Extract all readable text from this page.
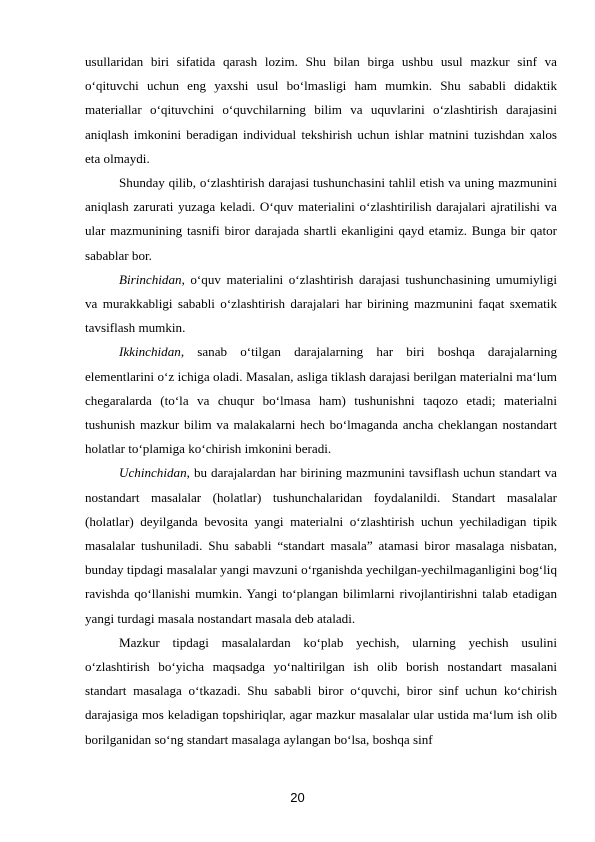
usullaridan biri sifatida qarash lozim. Shu bilan birga ushbu usul mazkur sinf va o‘qituvchi uchun eng yaxshi usul bo‘lmasligi ham mumkin. Shu sababli didaktik materiallar o‘qituvchini o‘quvchilarning bilim va uquvlarini o‘zlashtirish darajasini aniqlash imkonini beradigan individual tekshirish uchun ishlar matnini tuzishdan xalos eta olmaydi.

Shunday qilib, o‘zlashtirish darajasi tushunchasini tahlil etish va uning mazmunini aniqlash zarurati yuzaga keladi. O‘quv materialini o‘zlashtirilish darajalari ajratilishi va ular mazmunining tasnifi biror darajada shartli ekanligini qayd etamiz. Bunga bir qator sabablar bor.

Birinchidan, o‘quv materialini o‘zlashtirish darajasi tushunchasining umumiyligi va murakkabligi sababli o‘zlashtirish darajalari har birining mazmunini faqat sxematik tavsiflash mumkin.

Ikkinchidan, sanab o‘tilgan darajalarning har biri boshqa darajalarning elementlarini o‘z ichiga oladi. Masalan, asliga tiklash darajasi berilgan materialni ma‘lum chegaralarda (to‘la va chuqur bo‘lmasa ham) tushunishni taqozo etadi; materialni tushunish mazkur bilim va malakalarni hech bo‘lmaganda ancha cheklangan nostandart holatlar to‘plamiga ko‘chirish imkonini beradi.

Uchinchidan, bu darajalardan har birining mazmunini tavsiflash uchun standart va nostandart masalalar (holatlar) tushunchalaridan foydalanildi. Standart masalalar (holatlar) deyilganda bevosita yangi materialni o‘zlashtirish uchun yechiladigan tipik masalalar tushuniladi. Shu sababli “standart masala” atamasi biror masalaga nisbatan, bunday tipdagi masalalar yangi mavzuni o‘rganishda yechilgan-yechilmaganligini bog‘liq ravishda qo‘llanishi mumkin. Yangi to‘plangan bilimlarni rivojlantirishni talab etadigan yangi turdagi masala nostandart masala deb ataladi.

Mazkur tipdagi masalalardan ko‘plab yechish, ularning yechish usulini o‘zlashtirish bo‘yicha maqsadga yo‘naltirilgan ish olib borish nostandart masalani standart masalaga o‘tkazadi. Shu sababli biror o‘quvchi, biror sinf uchun ko‘chirish darajasiga mos keladigan topshiriqlar, agar mazkur masalalar ular ustida ma‘lum ish olib borilganidan so‘ng standart masalaga aylangan bo‘lsa, boshqa sinf

20
